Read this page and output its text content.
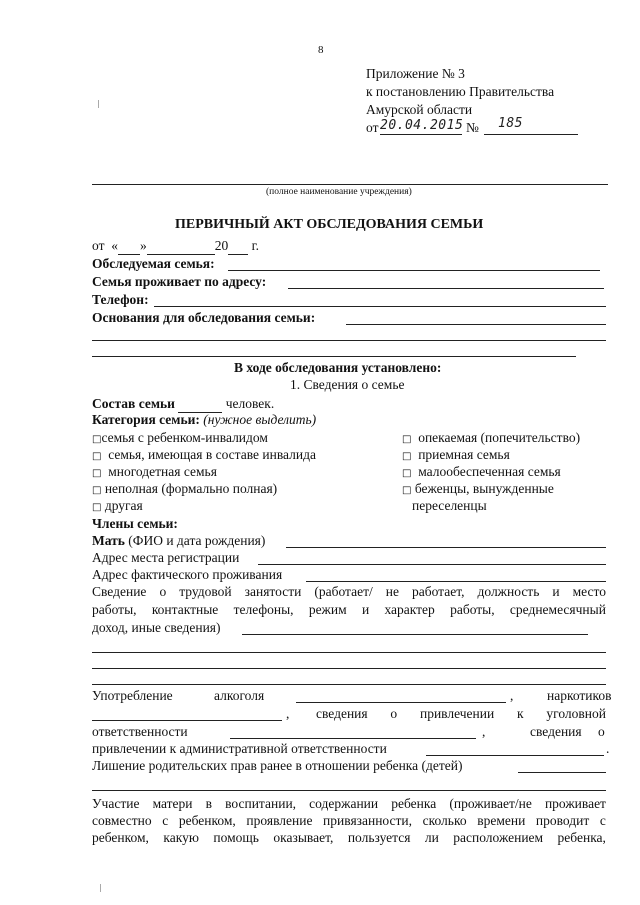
8
Приложение № 3
к постановлению Правительства
Амурской области
от 20.04.2015 № 185
(полное наименование учреждения)
ПЕРВИЧНЫЙ АКТ ОБСЛЕДОВАНИЯ СЕМЬИ
от « »	20 г.
Обследуемая семья:
Семья проживает по адресу:
Телефон:
Основания для обследования семьи:
В ходе обследования установлено:
1. Сведения о семье
Состав семьи	человек.
Категория семьи: (нужное выделить)
□семья с ребенком-инвалидом
□ семья, имеющая в составе инвалида
□ многодетная семья
□ неполная (формально полная)
□ другая
□ опекаемая (попечительство)
□ приемная семья
□ малообеспеченная семья
□ беженцы, вынужденные
переселенцы
Члены семьи:
Мать (ФИО и дата рождения)
Адрес места регистрации
Адрес фактического проживания
Сведение о трудовой занятости (работает/ не работает, должность и место
работы, контактные телефоны, режим и характер работы, среднемесячный
доход, иные сведения)
Употребление	алкоголя	, наркотиков
, сведения о привлечении к уголовной
ответственности	,	сведения о
привлечении к административной ответственности	.
Лишение родительских прав ранее в отношении ребенка (детей)
Участие матери в воспитании, содержании ребенка (проживает/не проживает
совместно с ребенком, проявление привязанности, сколько времени проводит с
ребенком, какую помощь оказывает, пользуется ли расположением ребенка,
